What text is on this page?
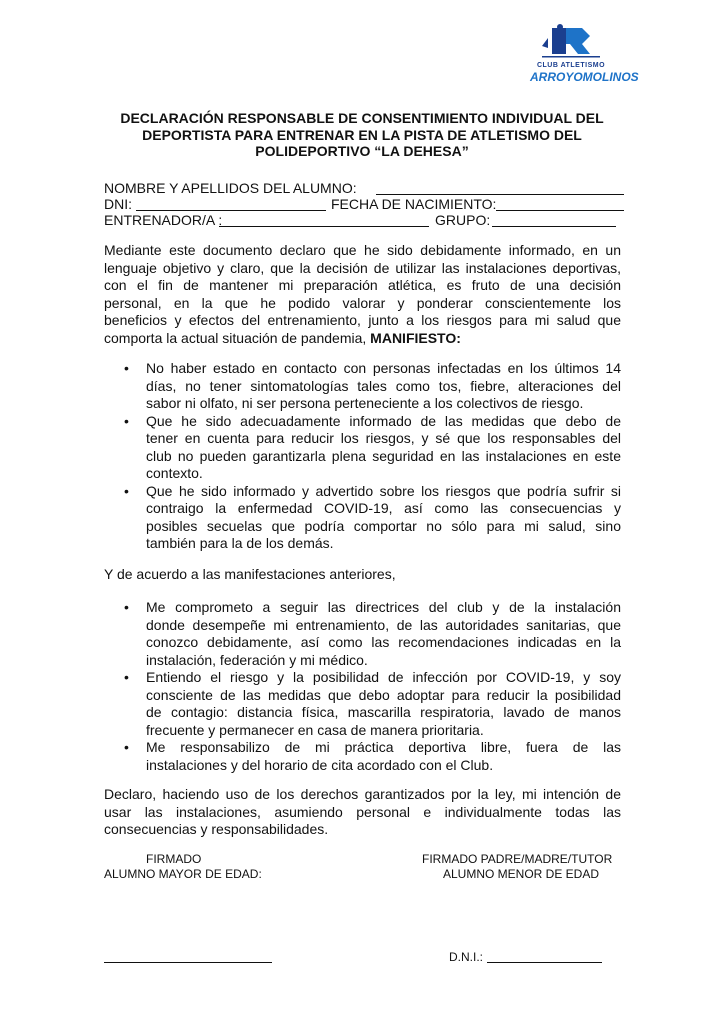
CLUB ATLETISMO
ARROYOMOLINOS
DECLARACIÓN RESPONSABLE DE CONSENTIMIENTO INDIVIDUAL DEL
DEPORTISTA PARA ENTRENAR EN LA PISTA DE ATLETISMO DEL
POLIDEPORTIVO “LA DEHESA”
NOMBRE Y APELLIDOS DEL ALUMNO:
DNI:	FECHA DE NACIMIENTO:
ENTRENADOR/A :	GRUPO:
Mediante este documento declaro que he sido debidamente informado, en un
lenguaje objetivo y claro, que la decisión de utilizar las instalaciones deportivas,
con el fin de mantener mi preparación atlética, es fruto de una decisión
personal, en la que he podido valorar y ponderar conscientemente los
beneficios y efectos del entrenamiento, junto a los riesgos para mi salud que
comporta la actual situación de pandemia, MANIFIESTO:
• No haber estado en contacto con personas infectadas en los últimos 14
días, no tener sintomatologías tales como tos, fiebre, alteraciones del
sabor ni olfato, ni ser persona perteneciente a los colectivos de riesgo.
• Que he sido adecuadamente informado de las medidas que debo de
tener en cuenta para reducir los riesgos, y sé que los responsables del
club no pueden garantizarla plena seguridad en las instalaciones en este
contexto.
• Que he sido informado y advertido sobre los riesgos que podría sufrir si
contraigo la enfermedad COVID-19, así como las consecuencias y
posibles secuelas que podría comportar no sólo para mi salud, sino
también para la de los demás.
Y de acuerdo a las manifestaciones anteriores,
• Me comprometo a seguir las directrices del club y de la instalación
donde desempeñe mi entrenamiento, de las autoridades sanitarias, que
conozco debidamente, así como las recomendaciones indicadas en la
instalación, federación y mi médico.
• Entiendo el riesgo y la posibilidad de infección por COVID-19, y soy
consciente de las medidas que debo adoptar para reducir la posibilidad
de contagio: distancia física, mascarilla respiratoria, lavado de manos
frecuente y permanecer en casa de manera prioritaria.
• Me responsabilizo de mi práctica deportiva libre, fuera de las
instalaciones y del horario de cita acordado con el Club.
Declaro, haciendo uso de los derechos garantizados por la ley, mi intención de
usar las instalaciones, asumiendo personal e individualmente todas las
consecuencias y responsabilidades.
FIRMADO
ALUMNO MAYOR DE EDAD:
FIRMADO PADRE/MADRE/TUTOR
ALUMNO MENOR DE EDAD
D.N.I.:
